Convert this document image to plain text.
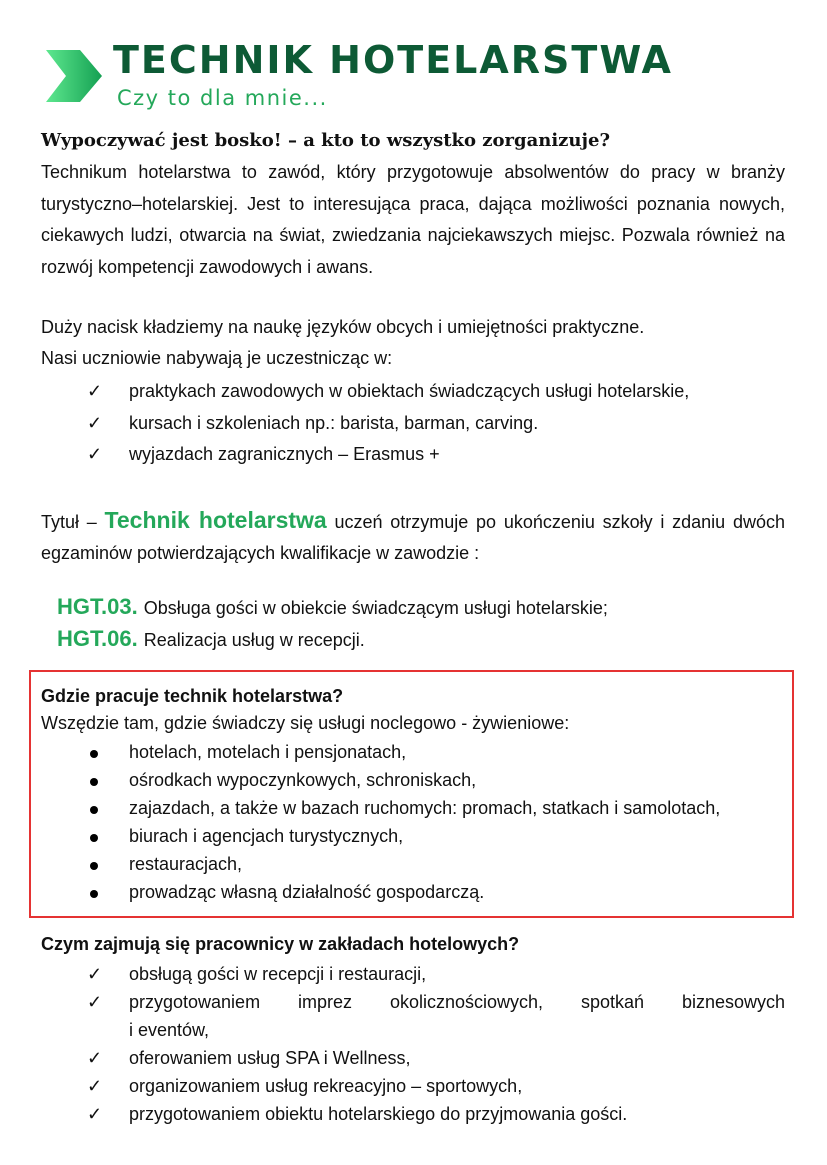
TECHNIK HOTELARSTWA
Czy to dla mnie...
Wypoczywać jest bosko! – a kto to wszystko zorganizuje?
Technikum hotelarstwa to zawód, który przygotowuje absolwentów do pracy w branży turystyczno–hotelarskiej. Jest to interesująca praca, dająca możliwości poznania nowych, ciekawych ludzi, otwarcia na świat, zwiedzania najciekawszych miejsc. Pozwala również na rozwój kompetencji zawodowych i awans.
Duży nacisk kładziemy na naukę języków obcych i umiejętności praktyczne.
Nasi uczniowie nabywają je uczestnicząc w:
✓ praktykach zawodowych w obiektach świadczących usługi hotelarskie,
✓ kursach i szkoleniach np.: barista, barman, carving.
✓ wyjazdach zagranicznych – Erasmus +
Tytuł – Technik hotelarstwa uczeń otrzymuje po ukończeniu szkoły i zdaniu dwóch egzaminów potwierdzających kwalifikacje w zawodzie :
HGT.03. Obsługa gości w obiekcie świadczącym usługi hotelarskie;
HGT.06. Realizacja usług w recepcji.
Gdzie pracuje technik hotelarstwa?
Wszędzie tam, gdzie świadczy się usługi noclegowo - żywieniowe:
hotelach, motelach i pensjonatach,
ośrodkach wypoczynkowych, schroniskach,
zajazdach, a także w bazach ruchomych: promach, statkach i samolotach,
biurach i agencjach turystycznych,
restauracjach,
prowadząc własną działalność gospodarczą.
Czym zajmują się pracownicy w zakładach hotelowych?
✓ obsługą gości w recepcji i restauracji,
✓ przygotowaniem imprez okolicznościowych, spotkań biznesowych
i eventów,
✓ oferowaniem usług SPA i Wellness,
✓ organizowaniem usług rekreacyjno – sportowych,
✓ przygotowaniem obiektu hotelarskiego do przyjmowania gości.
